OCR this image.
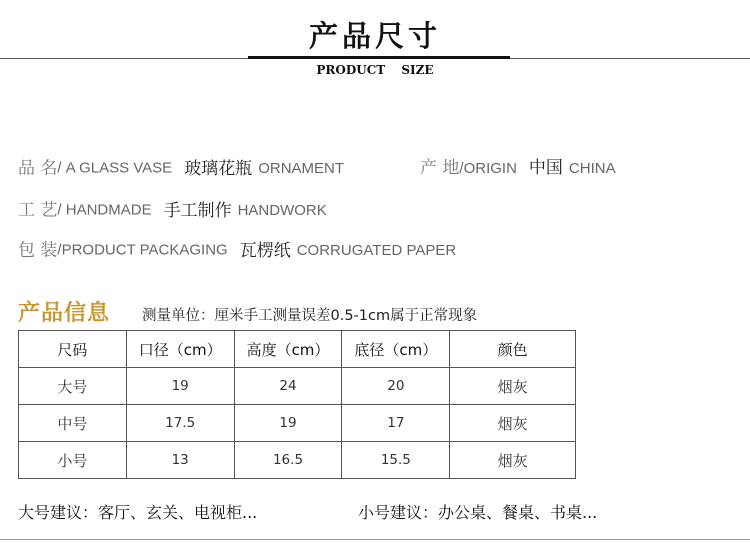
产品尺寸
PRODUCT SIZE
品 名/ A GLASS VASE 玻璃花瓶 ORNAMENT	产 地/ORIGIN 中国 CHINA
工 艺/ HANDMADE 手工制作 HANDWORK
包 装/PRODUCT PACKAGING 瓦楞纸 CORRUGATED PAPER
产品信息 测量单位：厘米手工测量误差0.5-1cm属于正常现象
尺码	口径（cm）	高度（cm）	底径（cm）	颜色
大号	19	24	20	烟灰
中号	17.5	19	17	烟灰
小号	13	16.5	15.5	烟灰
大号建议：客厅、玄关、电视柜...	小号建议：办公桌、餐桌、书桌...
